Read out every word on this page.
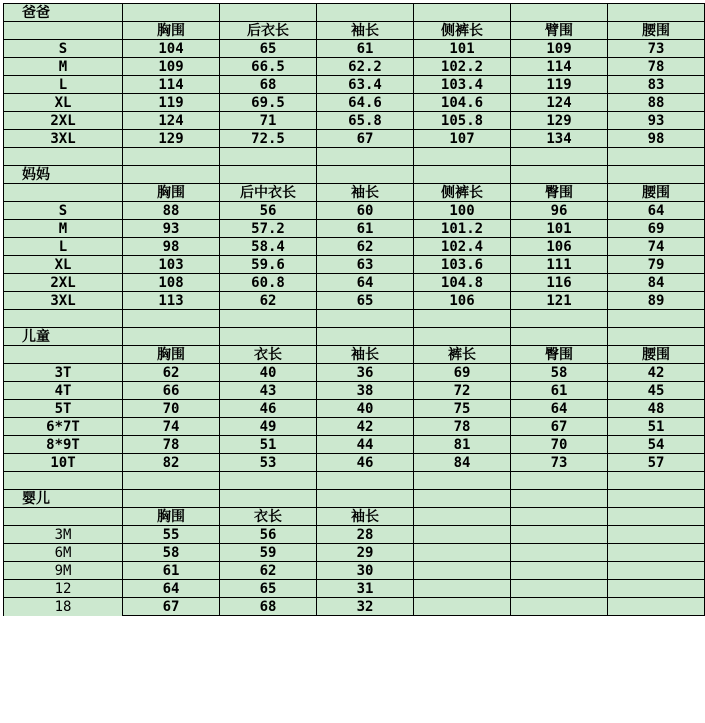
爸爸						
	胸围	后衣长	袖长	侧裤长	臂围	腰围
S	104	65	61	101	109	73
M	109	66.5	62.2	102.2	114	78
L	114	68	63.4	103.4	119	83
XL	119	69.5	64.6	104.6	124	88
2XL	124	71	65.8	105.8	129	93
3XL	129	72.5	67	107	134	98

妈妈						
	胸围	后中衣长	袖长	侧裤长	臀围	腰围
S	88	56	60	100	96	64
M	93	57.2	61	101.2	101	69
L	98	58.4	62	102.4	106	74
XL	103	59.6	63	103.6	111	79
2XL	108	60.8	64	104.8	116	84
3XL	113	62	65	106	121	89

儿童						
	胸围	衣长	袖长	裤长	臀围	腰围
3T	62	40	36	69	58	42
4T	66	43	38	72	61	45
5T	70	46	40	75	64	48
6*7T	74	49	42	78	67	51
8*9T	78	51	44	81	70	54
10T	82	53	46	84	73	57

婴儿						
	胸围	衣长	袖长			
3M	55	56	28			
6M	58	59	29			
9M	61	62	30			
12	64	65	31			
18	67	68	32			
